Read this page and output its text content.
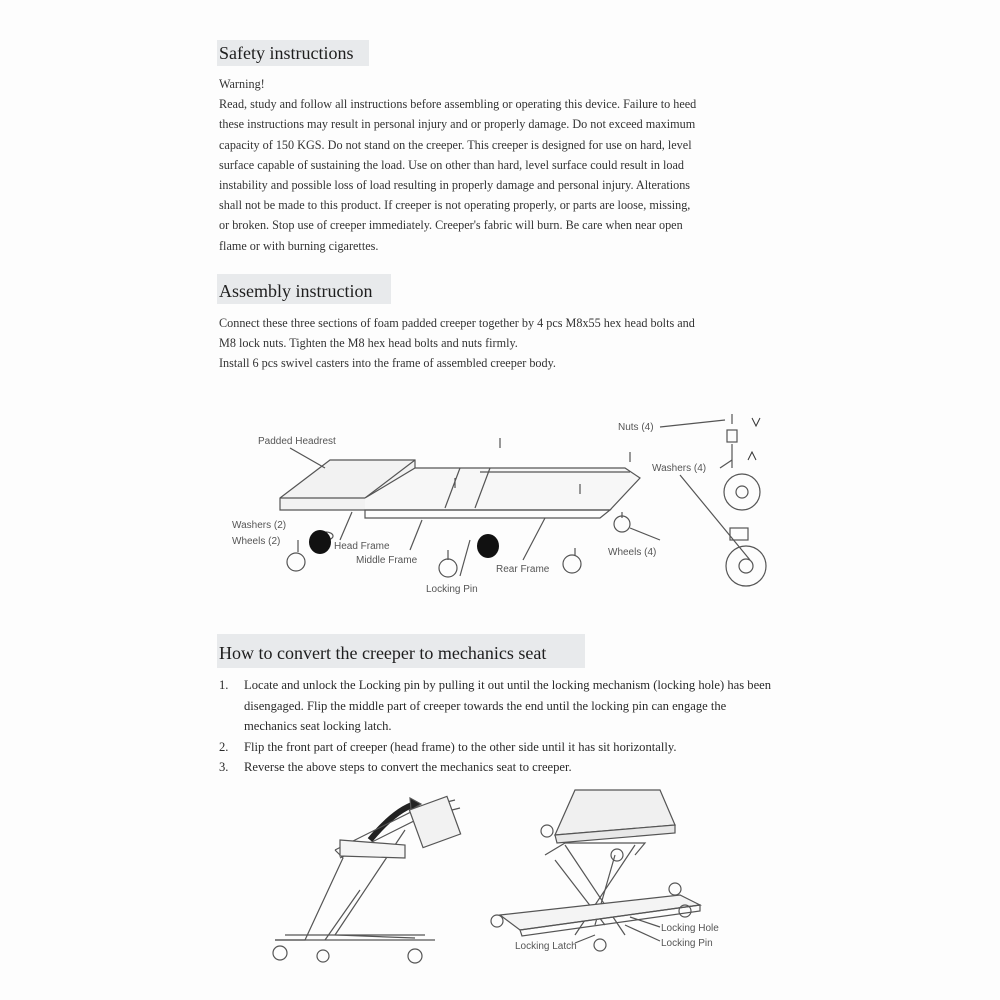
Safety instructions
Warning!
Read, study and follow all instructions before assembling or operating this device. Failure to heed
these instructions may result in personal injury and or properly damage. Do not exceed maximum
capacity of 150 KGS. Do not stand on the creeper. This creeper is designed for use on hard, level
surface capable of sustaining the load. Use on other than hard, level surface could result in load
instability and possible loss of load resulting in properly damage and personal injury. Alterations
shall not be made to this product. If creeper is not operating properly, or parts are loose, missing,
or broken. Stop use of creeper immediately. Creeper's fabric will burn. Be care when near open
flame or with burning cigarettes.
Assembly instruction
Connect these three sections of foam padded creeper together by 4 pcs M8x55 hex head bolts and
M8 lock nuts. Tighten the M8 hex head bolts and nuts firmly.
Install 6 pcs swivel casters into the frame of assembled creeper body.
Padded Headrest
Washers (2)
Wheels (2)	Head Frame
Middle Frame
Locking Pin
Rear Frame
Nuts (4)
Washers (4)
Wheels (4)
How to convert the creeper to mechanics seat
1.	Locate and unlock the Locking pin by pulling it out until the locking mechanism (locking hole) has been disengaged. Flip the middle part of creeper towards the end until the locking pin can engage the mechanics seat locking latch.
2.	Flip the front part of creeper (head frame) to the other side until it has sit horizontally.
3.	Reverse the above steps to convert the mechanics seat to creeper.
Locking Latch
Locking Hole
Locking Pin
